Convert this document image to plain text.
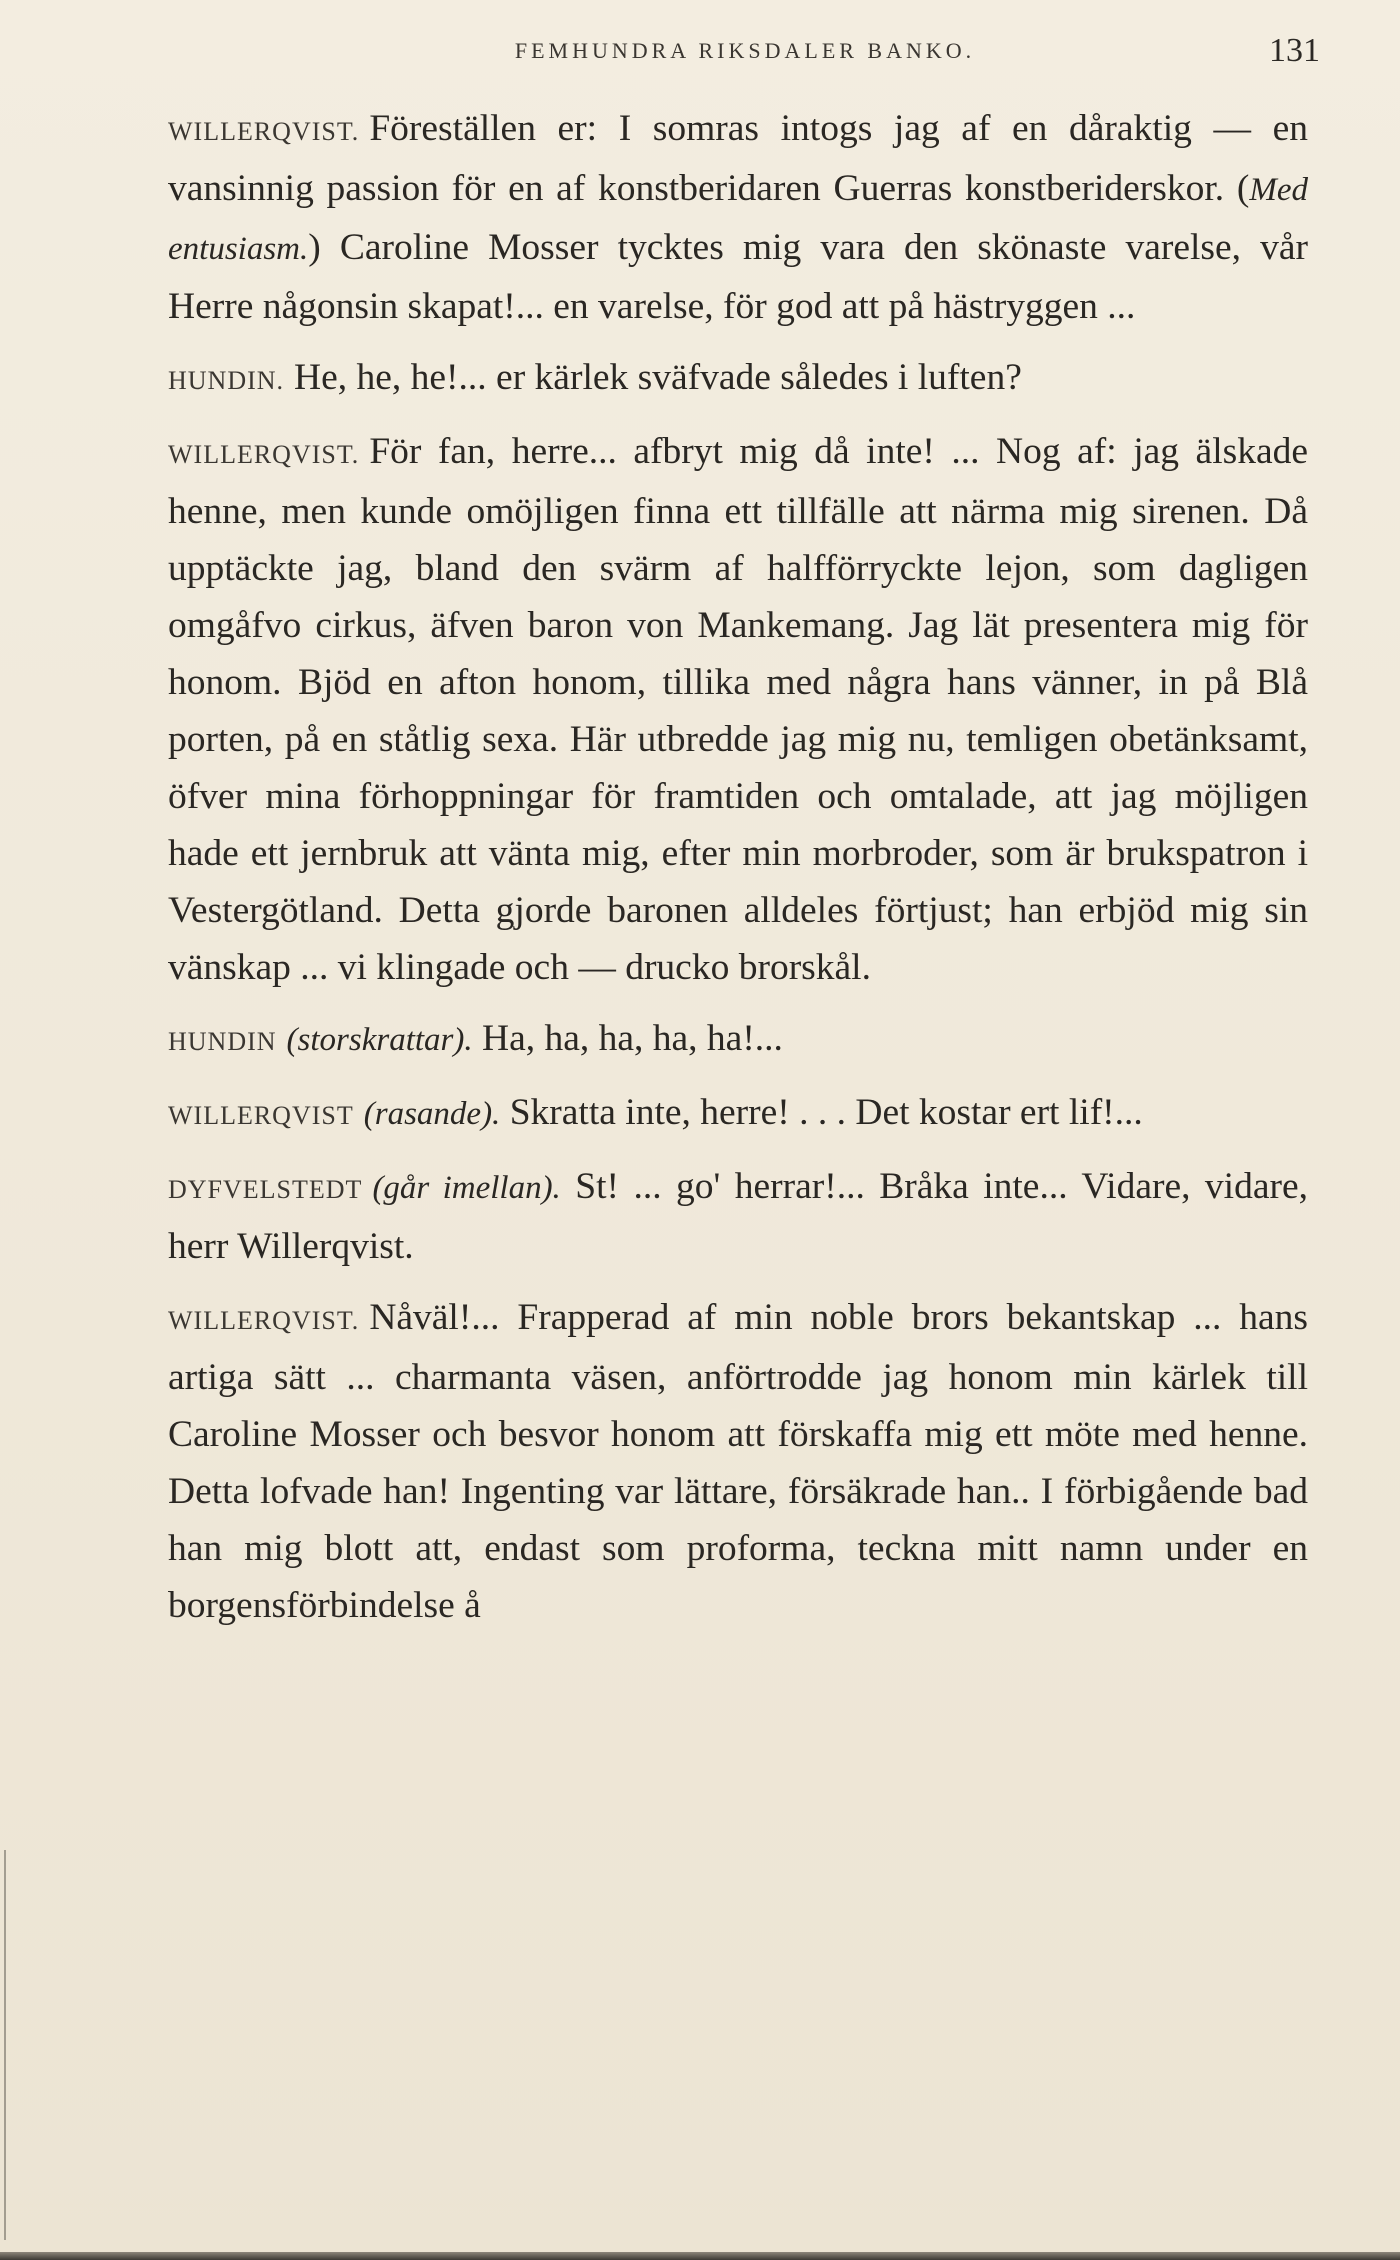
FEMHUNDRA RIKSDALER BANKO.	131

WILLERQVIST. Föreställen er: I somras intogs jag af en dåraktig — en vansinnig passion för en af konstberidaren Guerras konstberiderskor. (Med entusiasm.) Caroline Mosser tycktes mig vara den skönaste varelse, vår Herre någonsin skapat!... en varelse, för god att på hästryggen ...

HUNDIN. He, he, he!... er kärlek sväfvade således i luften?

WILLERQVIST. För fan, herre... afbryt mig då inte! ... Nog af: jag älskade henne, men kunde omöjligen finna ett tillfälle att närma mig sirenen. Då upptäckte jag, bland den svärm af halfförryckte lejon, som dagligen omgåfvo cirkus, äfven baron von Mankemang. Jag lät presentera mig för honom. Bjöd en afton honom, tillika med några hans vänner, in på Blå porten, på en ståtlig sexa. Här utbredde jag mig nu, temligen obetänksamt, öfver mina förhoppningar för framtiden och omtalade, att jag möjligen hade ett jernbruk att vänta mig, efter min morbroder, som är brukspatron i Vestergötland. Detta gjorde baronen alldeles förtjust; han erbjöd mig sin vänskap ... vi klingade och — drucko brorskål.

HUNDIN (storskrattar). Ha, ha, ha, ha, ha!...

WILLERQVIST (rasande). Skratta inte, herre! . . . Det kostar ert lif!...

DYFVELSTEDT (går imellan). St! ... go' herrar!... Bråka inte... Vidare, vidare, herr Willerqvist.

WILLERQVIST. Nåväl!... Frapperad af min noble brors bekantskap ... hans artiga sätt ... charmanta väsen, anförtrodde jag honom min kärlek till Caroline Mosser och besvor honom att förskaffa mig ett möte med henne. Detta lofvade han! Ingenting var lättare, försäkrade han.. I förbigående bad han mig blott att, endast som proforma, teckna mitt namn under en borgensförbindelse å
